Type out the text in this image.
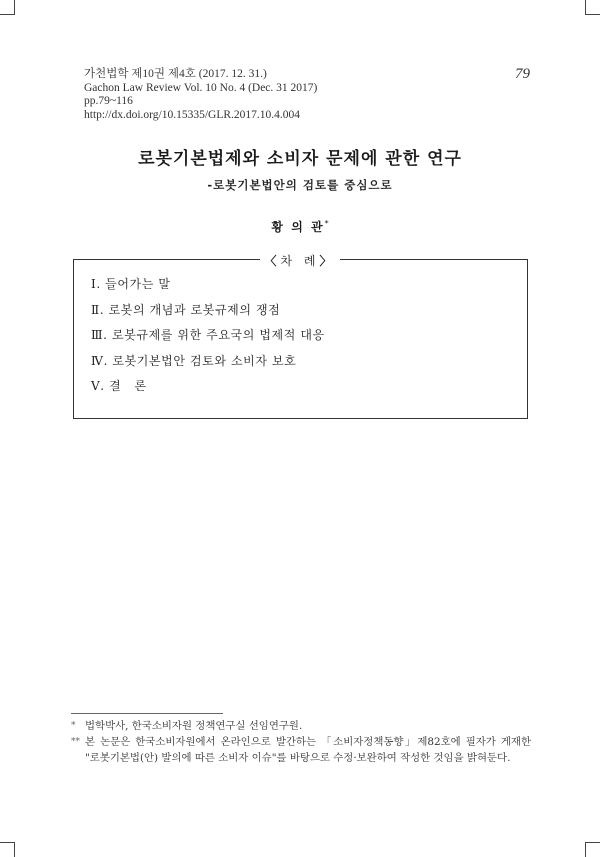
가천법학 제10권 제4호 (2017. 12. 31.)
Gachon Law Review Vol. 10 No. 4 (Dec. 31 2017)
pp.79~116
http://dx.doi.org/10.15335/GLR.2017.10.4.004
79
로봇기본법제와 소비자 문제에 관한 연구
-로봇기본법안의 검토를 중심으로
황 의 관*
〈차 례〉
Ⅰ. 들어가는 말
Ⅱ. 로봇의 개념과 로봇규제의 쟁점
Ⅲ. 로봇규제를 위한 주요국의 법제적 대응
Ⅳ. 로봇기본법안 검토와 소비자 보호
Ⅴ. 결   론
* 법학박사, 한국소비자원 정책연구실 선임연구원.
** 본 논문은 한국소비자원에서 온라인으로 발간하는 「소비자정책동향」제82호에 필자가 게재한 "로봇기본법(안) 발의에 따른 소비자 이슈"를 바탕으로 수정·보완하여 작성한 것임을 밝혀둔다.
